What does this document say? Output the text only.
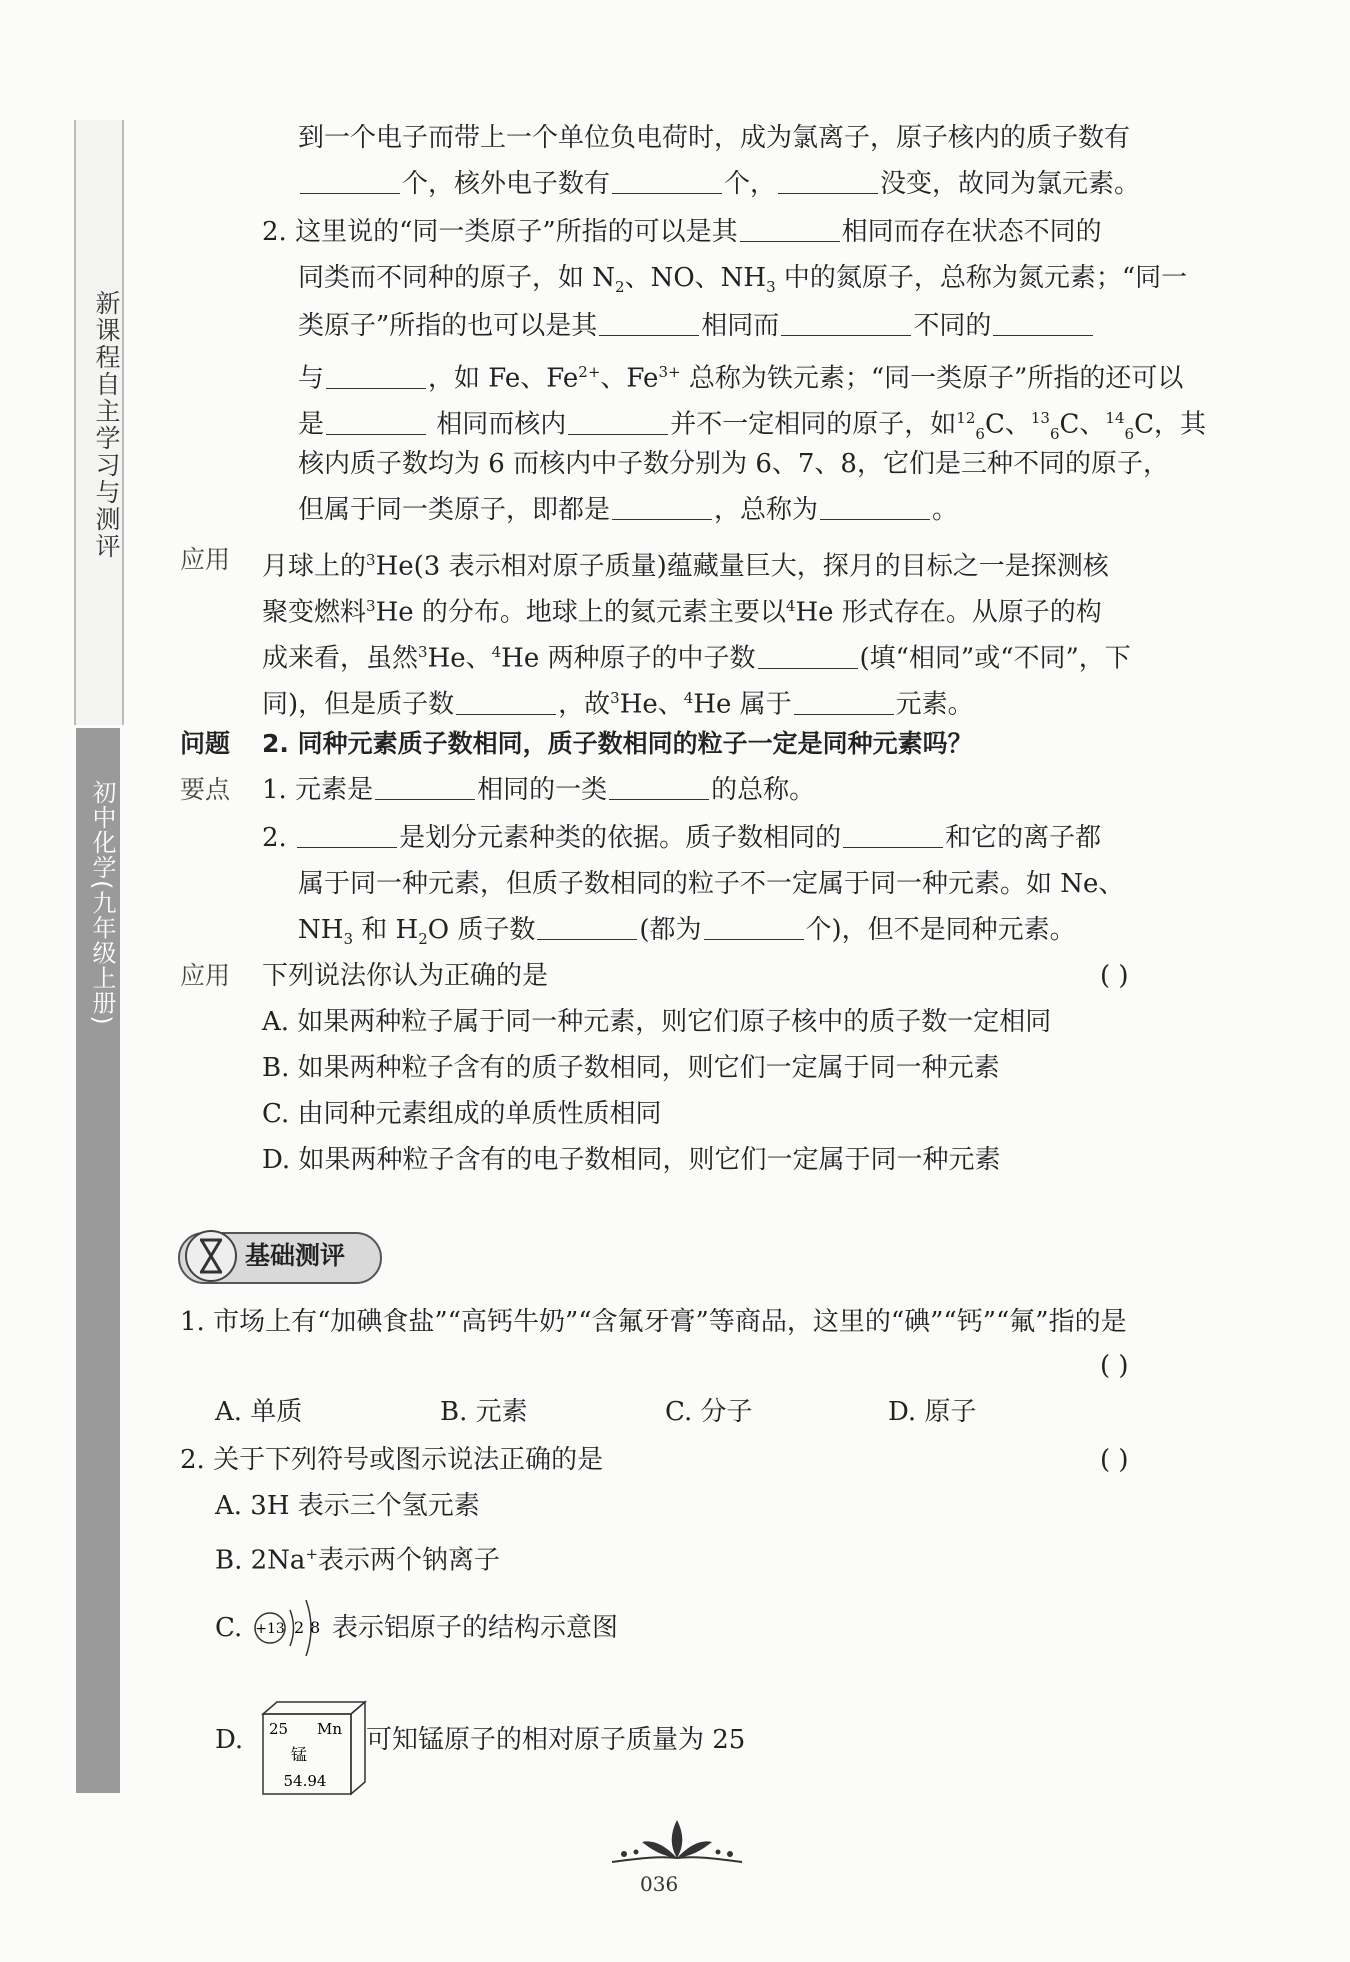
新课程自主学习与测评
初中化学(九年级上册)
到一个电子而带上一个单位负电荷时，成为氯离子，原子核内的质子数有
个，核外电子数有	个，	没变，故同为氯元素。
2. 这里说的“同一类原子”所指的可以是其	相同而存在状态不同的
同类而不同种的原子，如 $N_2$、NO、$NH_3$ 中的氮原子，总称为氮元素；“同一
类原子”所指的也可以是其	相同而	不同的
与	，如 Fe、$Fe^{2+}$、$Fe^{3+}$ 总称为铁元素；“同一类原子”所指的还可以
是	相同而核内	并不一定相同的原子，如$^{12}_6$C、$^{13}_6$C、$^{14}_6$C，其
核内质子数均为 6 而核内中子数分别为 6、7、8，它们是三种不同的原子，
但属于同一类原子，即都是	，总称为	。
应用 月球上的$^3$He(3 表示相对原子质量)蕴藏量巨大，探月的目标之一是探测核
聚变燃料$^3$He 的分布。地球上的氦元素主要以$^4$He 形式存在。从原子的构
成来看，虽然$^3$He、$^4$He 两种原子的中子数	(填“相同”或“不同”，下
同)，但是质子数	，故$^3$He、$^4$He 属于	元素。
问题 2. 同种元素质子数相同，质子数相同的粒子一定是同种元素吗？
要点 1. 元素是	相同的一类	的总称。
2.	是划分元素种类的依据。质子数相同的	和它的离子都
属于同一种元素，但质子数相同的粒子不一定属于同一种元素。如 Ne、
$NH_3$ 和 $H_2O$ 质子数	(都为	个)，但不是同种元素。
应用 下列说法你认为正确的是	( )
A. 如果两种粒子属于同一种元素，则它们原子核中的质子数一定相同
B. 如果两种粒子含有的质子数相同，则它们一定属于同一种元素
C. 由同种元素组成的单质性质相同
D. 如果两种粒子含有的电子数相同，则它们一定属于同一种元素
基础测评
1. 市场上有“加碘食盐”“高钙牛奶”“含氟牙膏”等商品，这里的“碘”“钙”“氟”指的是
( )
A. 单质	B. 元素	C. 分子	D. 原子
2. 关于下列符号或图示说法正确的是	( )
A. 3H 表示三个氢元素
B. 2Na+表示两个钠离子
C. +13 2 8 表示铝原子的结构示意图
D. 25 Mn
锰
54.94
可知锰原子的相对原子质量为 25
036
